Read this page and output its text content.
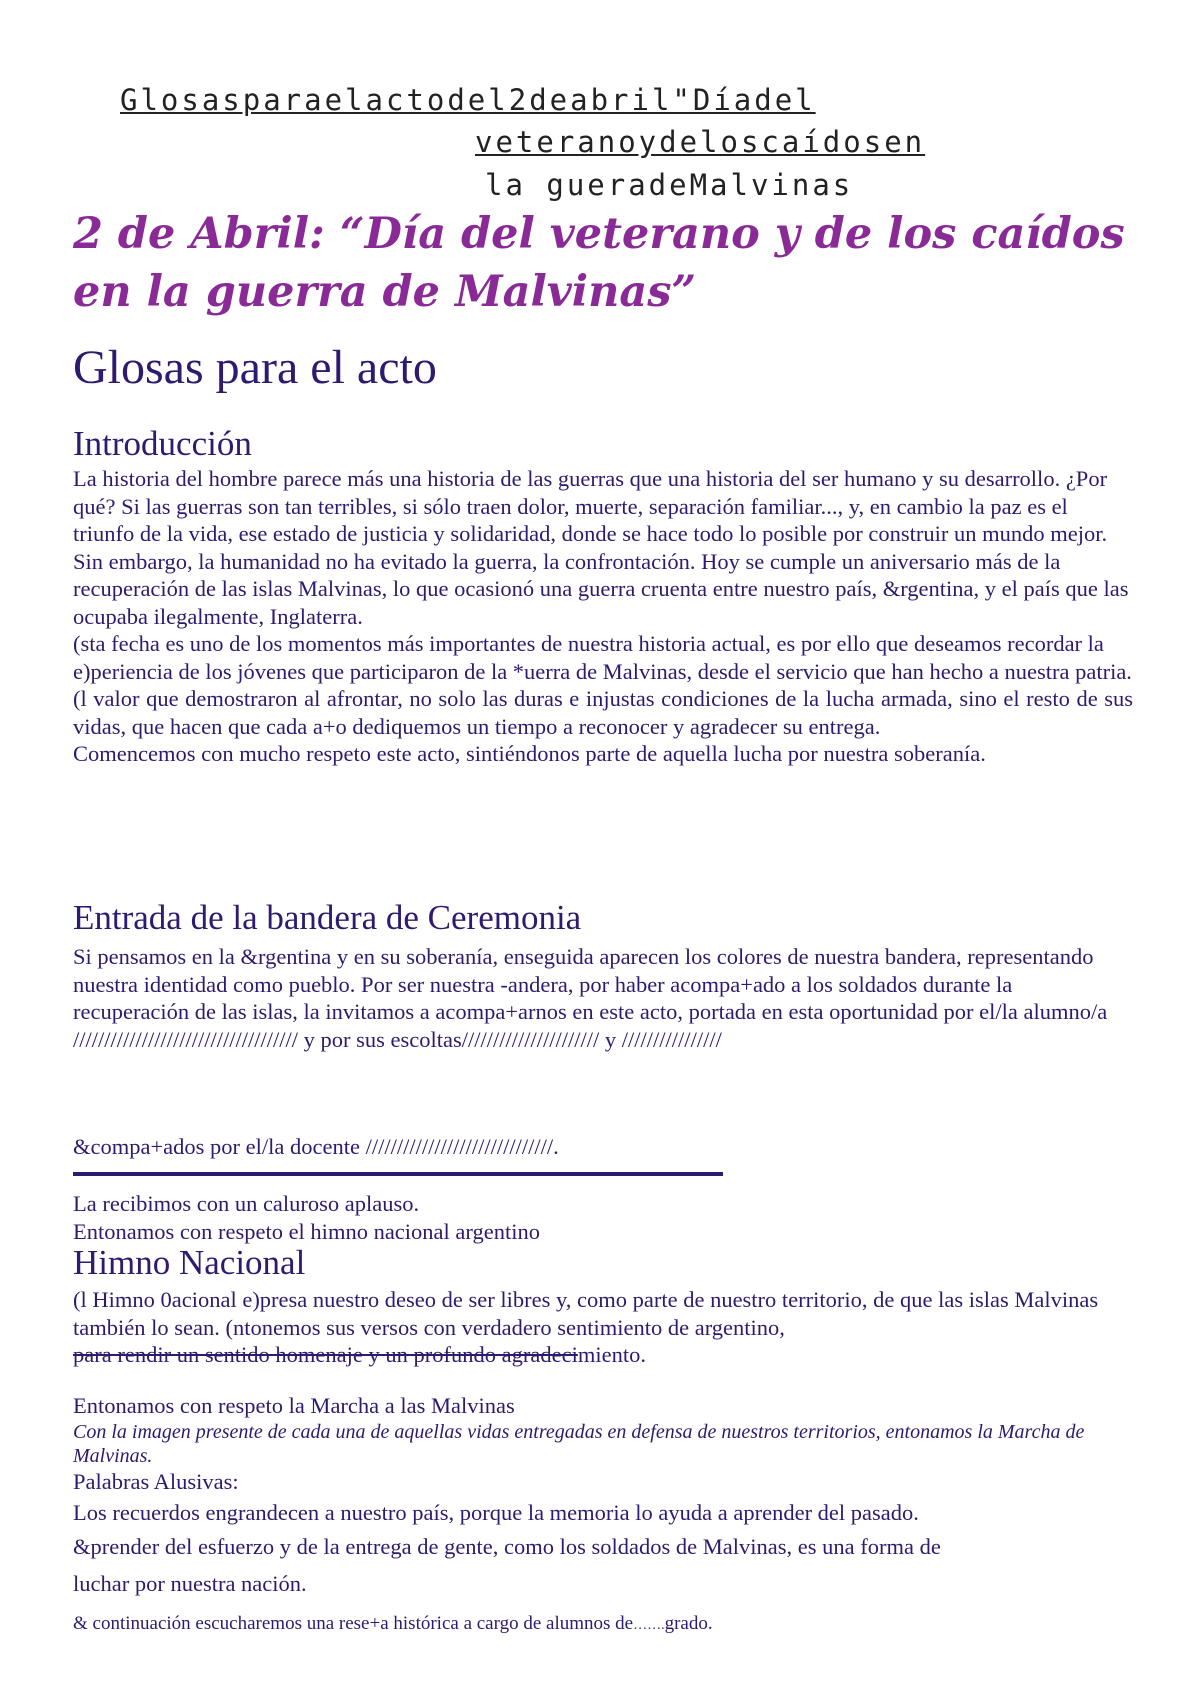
Glosasparaelactodel2deabril"Díadel
veteranoydeloscaídosen
la gueradeMalvinas
2 de Abril: “Día del veterano y de los caídos en la guerra de Malvinas”
Glosas para el acto
Introducción

La historia del hombre parece más una historia de las guerras que una historia del ser humano y su desarrollo. ¿Por qué? Si las guerras son tan terribles, si sólo traen dolor, muerte, separación familiar..., y, en cambio la paz es el triunfo de la vida, ese estado de justicia y solidaridad, donde se hace todo lo posible por construir un mundo mejor. Sin embargo, la humanidad no ha evitado la guerra, la confrontación. Hoy se cumple un aniversario más de la recuperación de las islas Malvinas, lo que ocasionó una guerra cruenta entre nuestro país, &rgentina, y el país que las ocupaba ilegalmente, Inglaterra.

(sta fecha es uno de los momentos más importantes de nuestra historia actual, es por ello que deseamos recordar la e)periencia de los jóvenes que participaron de la *uerra de Malvinas, desde el servicio que han hecho a nuestra patria.

(l valor que demostraron al afrontar, no solo las duras e injustas condiciones de la lucha armada, sino el resto de sus vidas, que hacen que cada a+o dediquemos un tiempo a reconocer y agradecer su entrega.

Comencemos con mucho respeto este acto, sintiéndonos parte de aquella lucha por nuestra soberanía.

Entrada de la bandera de Ceremonia

Si pensamos en la &rgentina y en su soberanía, enseguida aparecen los colores de nuestra bandera, representando nuestra identidad como pueblo. Por ser nuestra -andera, por haber acompa+ado a los soldados durante la recuperación de las islas, la invitamos a acompa+arnos en este acto, portada en esta oportunidad por el/la alumno/a

//////////////////////////////////// y por sus escoltas////////////////////// y ////////////////

&compa+ados por el/la docente //////////////////////////////.

La recibimos con un caluroso aplauso.

Entonamos con respeto el himno nacional argentino

Himno Nacional

(l Himno 0acional e)presa nuestro deseo de ser libres y, como parte de nuestro territorio, de que las islas Malvinas también lo sean. (ntonemos sus versos con verdadero sentimiento de argentino,

para rendir un sentido homenaje y un profundo agradecimiento.

Entonamos con respeto la Marcha a las Malvinas

Con la imagen presente de cada una de aquellas vidas entregadas en defensa de nuestros territorios, entonamos la Marcha de Malvinas.

Palabras Alusivas:

Los recuerdos engrandecen a nuestro país, porque la memoria lo ayuda a aprender del pasado.

&prender del esfuerzo y de la entrega de gente, como los soldados de Malvinas, es una forma de

luchar por nuestra nación.

& continuación escucharemos una rese+a histórica a cargo de alumnos de…….grado.
